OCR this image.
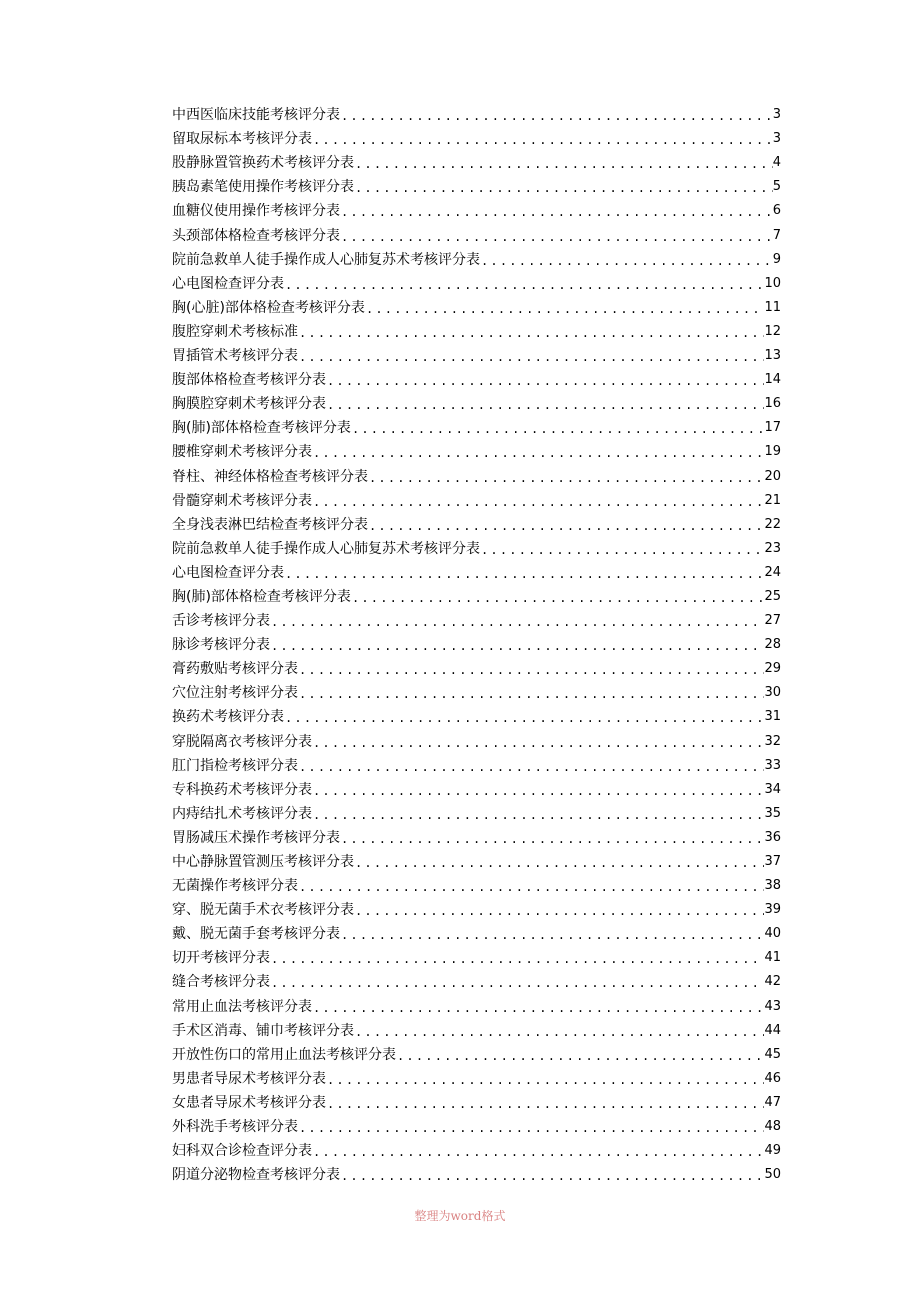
中西医临床技能考核评分表 .....	3
留取尿标本考核评分表 .....	3
股静脉置管换药术考核评分表 .....	4
胰岛素笔使用操作考核评分表 .....	5
血糖仪使用操作考核评分表 .....	6
头颈部体格检查考核评分表 .....	7
院前急救单人徒手操作成人心肺复苏术考核评分表 .....	9
心电图检查评分表 .....	10
胸(心脏)部体格检查考核评分表 .....	11
腹腔穿刺术考核标准 .....	12
胃插管术考核评分表 .....	13
腹部体格检查考核评分表 .....	14
胸膜腔穿刺术考核评分表 .....	16
胸(肺)部体格检查考核评分表 .....	17
腰椎穿刺术考核评分表 .....	19
脊柱、神经体格检查考核评分表 .....	20
骨髓穿刺术考核评分表 .....	21
全身浅表淋巴结检查考核评分表 .....	22
院前急救单人徒手操作成人心肺复苏术考核评分表 .....	23
心电图检查评分表 .....	24
胸(肺)部体格检查考核评分表 .....	25
舌诊考核评分表 .....	27
脉诊考核评分表 .....	28
膏药敷贴考核评分表 .....	29
穴位注射考核评分表 .....	30
换药术考核评分表 .....	31
穿脱隔离衣考核评分表 .....	32
肛门指检考核评分表 .....	33
专科换药术考核评分表 .....	34
内痔结扎术考核评分表 .....	35
胃肠减压术操作考核评分表 .....	36
中心静脉置管测压考核评分表 .....	37
无菌操作考核评分表 .....	38
穿、脱无菌手术衣考核评分表 .....	39
戴、脱无菌手套考核评分表 .....	40
切开考核评分表 .....	41
缝合考核评分表 .....	42
常用止血法考核评分表 .....	43
手术区消毒、铺巾考核评分表 .....	44
开放性伤口的常用止血法考核评分表 .....	45
男患者导尿术考核评分表 .....	46
女患者导尿术考核评分表 .....	47
外科洗手考核评分表 .....	48
妇科双合诊检查评分表 .....	49
阴道分泌物检查考核评分表 .....	50
整理为word格式
